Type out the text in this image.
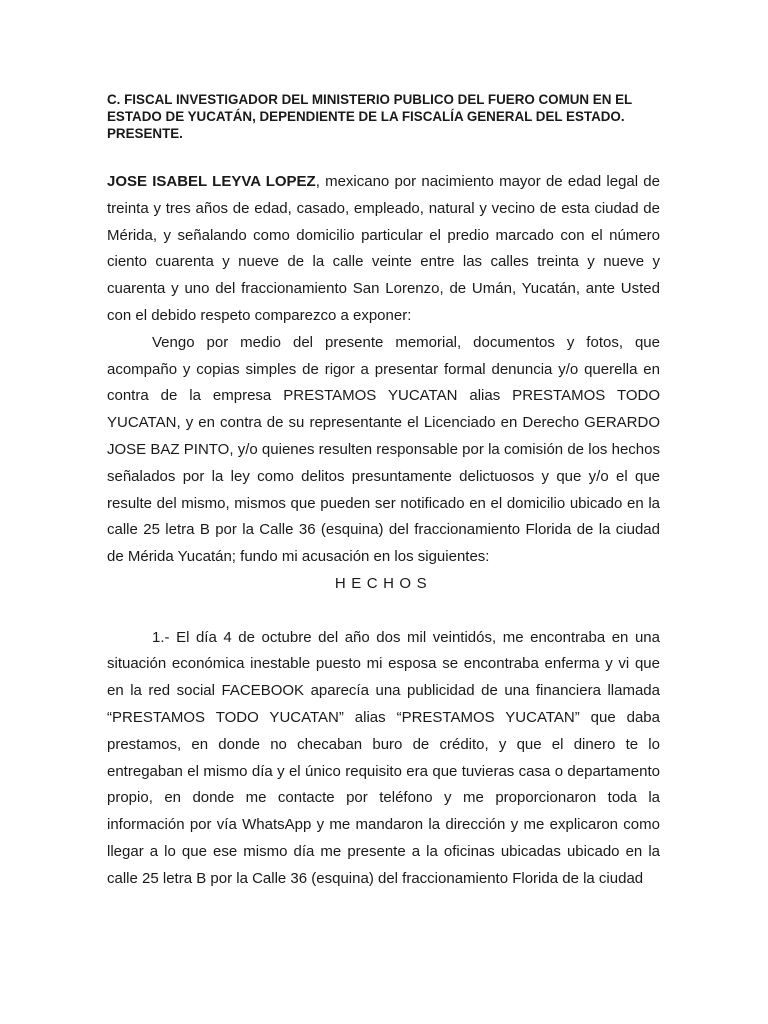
C. FISCAL INVESTIGADOR DEL MINISTERIO PUBLICO DEL FUERO COMUN EN EL
ESTADO DE YUCATÁN, DEPENDIENTE DE LA FISCALÍA GENERAL DEL ESTADO.
PRESENTE.

JOSE ISABEL LEYVA LOPEZ, mexicano por nacimiento mayor de edad legal de treinta y tres años de edad, casado, empleado, natural y vecino de esta ciudad de Mérida, y señalando como domicilio particular el predio marcado con el número ciento cuarenta y nueve de la calle veinte entre las calles treinta y nueve y cuarenta y uno del fraccionamiento San Lorenzo, de Umán, Yucatán, ante Usted con el debido respeto comparezco a exponer:

Vengo por medio del presente memorial, documentos y fotos, que acompaño y copias simples de rigor a presentar formal denuncia y/o querella en contra de la empresa PRESTAMOS YUCATAN alias PRESTAMOS TODO YUCATAN, y en contra de su representante el Licenciado en Derecho GERARDO JOSE BAZ PINTO, y/o quienes resulten responsable por la comisión de los hechos señalados por la ley como delitos presuntamente delictuosos y que y/o el que resulte del mismo, mismos que pueden ser notificado en el domicilio ubicado en la calle 25 letra B por la Calle 36 (esquina) del fraccionamiento Florida de la ciudad de Mérida Yucatán; fundo mi acusación en los siguientes:

HECHOS

1.- El día 4 de octubre del año dos mil veintidós, me encontraba en una situación económica inestable puesto mi esposa se encontraba enferma y vi que en la red social FACEBOOK aparecía una publicidad de una financiera llamada “PRESTAMOS TODO YUCATAN” alias “PRESTAMOS YUCATAN” que daba prestamos, en donde no checaban buro de crédito, y que el dinero te lo entregaban el mismo día y el único requisito era que tuvieras casa o departamento propio, en donde me contacte por teléfono y me proporcionaron toda la información por vía WhatsApp y me mandaron la dirección y me explicaron como llegar a lo que ese mismo día me presente a la oficinas ubicadas ubicado en la calle 25 letra B por la Calle 36 (esquina) del fraccionamiento Florida de la ciudad
